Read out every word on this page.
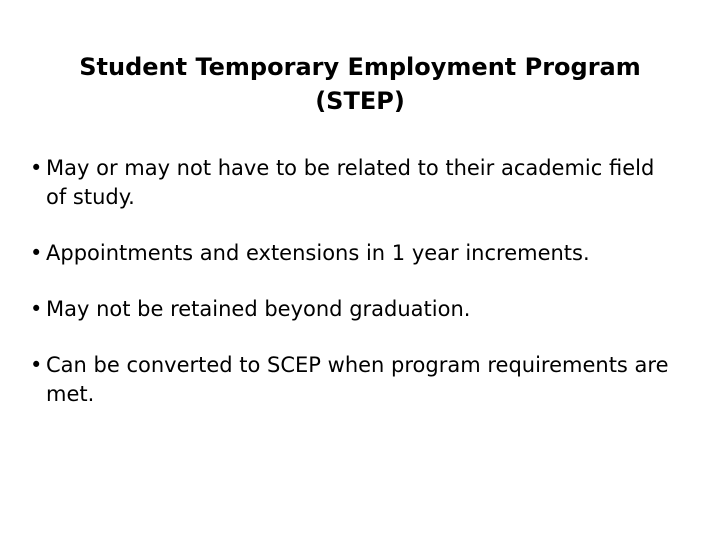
Student Temporary Employment Program
(STEP)
• May or may not have to be related to their academic field of study.
• Appointments and extensions in 1 year increments.
• May not be retained beyond graduation.
• Can be converted to SCEP when program requirements are met.
